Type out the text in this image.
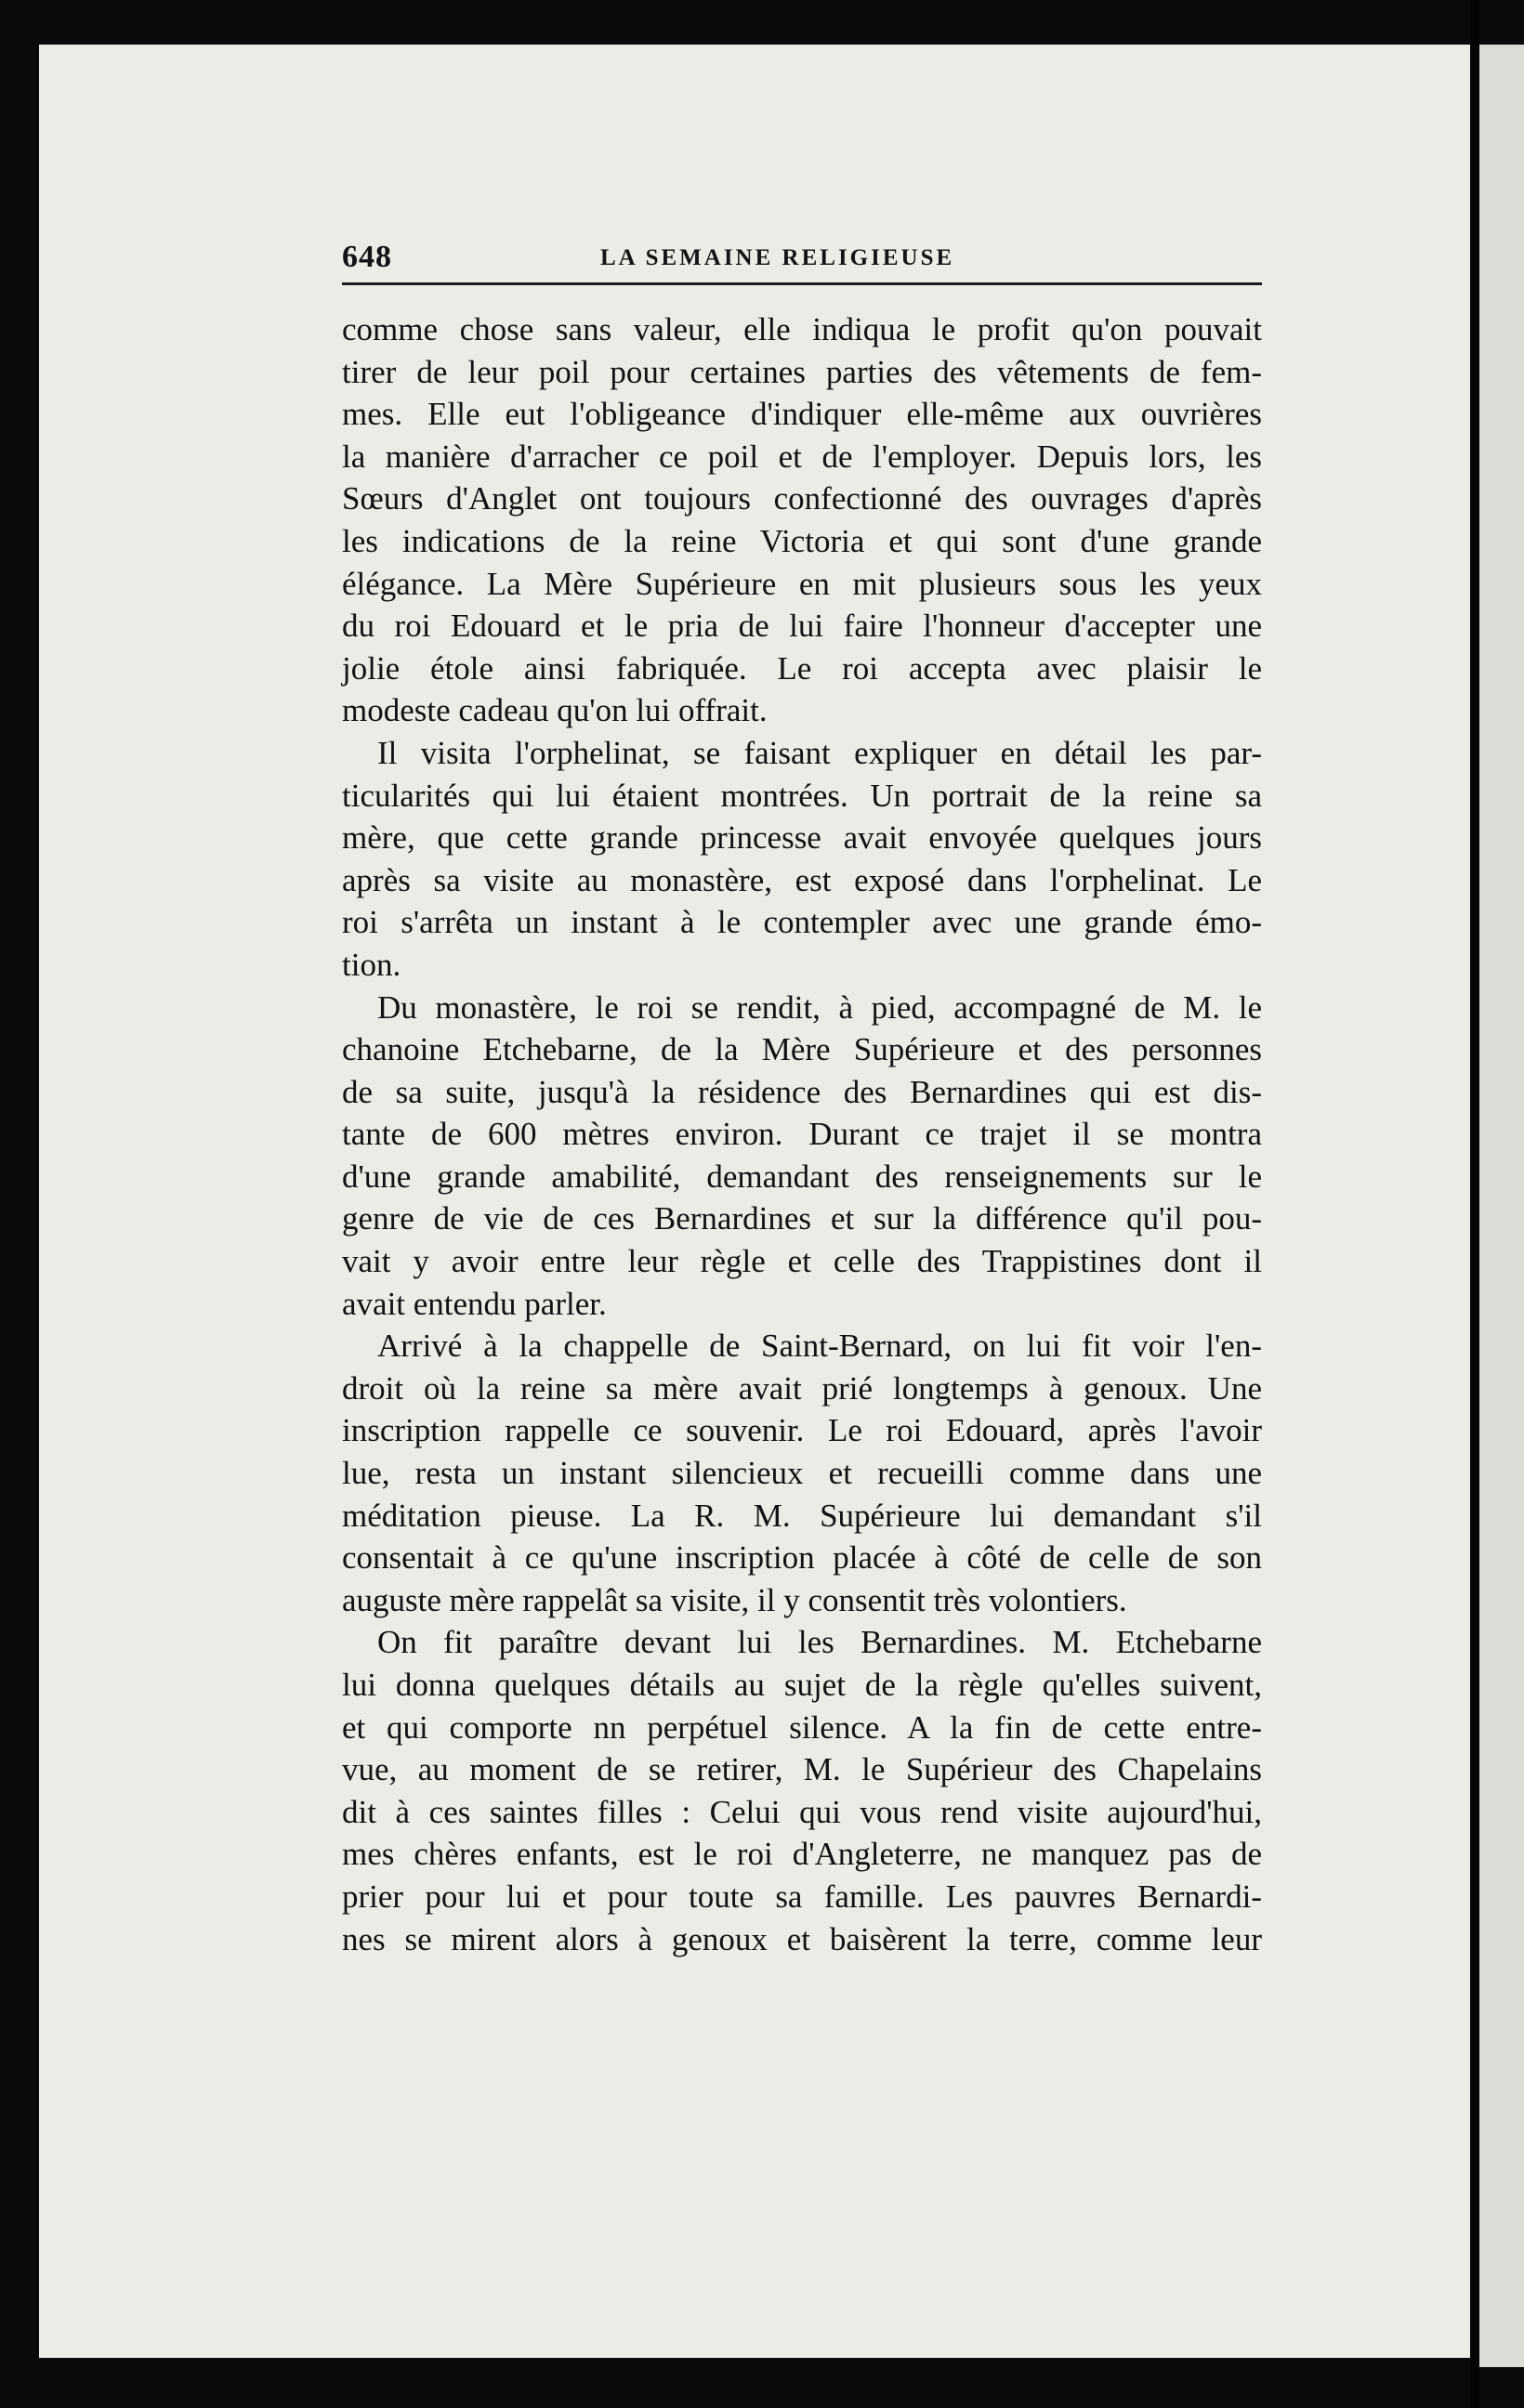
648	LA SEMAINE RELIGIEUSE
comme chose sans valeur, elle indiqua le profit qu'on pouvait
tirer de leur poil pour certaines parties des vêtements de fem-
mes. Elle eut l'obligeance d'indiquer elle-même aux ouvrières
la manière d'arracher ce poil et de l'employer. Depuis lors, les
Sœurs d'Anglet ont toujours confectionné des ouvrages d'après
les indications de la reine Victoria et qui sont d'une grande
élégance. La Mère Supérieure en mit plusieurs sous les yeux
du roi Edouard et le pria de lui faire l'honneur d'accepter une
jolie étole ainsi fabriquée. Le roi accepta avec plaisir le
modeste cadeau qu'on lui offrait.
Il visita l'orphelinat, se faisant expliquer en détail les par-
ticularités qui lui étaient montrées. Un portrait de la reine sa
mère, que cette grande princesse avait envoyée quelques jours
après sa visite au monastère, est exposé dans l'orphelinat. Le
roi s'arrêta un instant à le contempler avec une grande émo-
tion.
Du monastère, le roi se rendit, à pied, accompagné de M. le
chanoine Etchebarne, de la Mère Supérieure et des personnes
de sa suite, jusqu'à la résidence des Bernardines qui est dis-
tante de 600 mètres environ. Durant ce trajet il se montra
d'une grande amabilité, demandant des renseignements sur le
genre de vie de ces Bernardines et sur la différence qu'il pou-
vait y avoir entre leur règle et celle des Trappistines dont il
avait entendu parler.
Arrivé à la chappelle de Saint-Bernard, on lui fit voir l'en-
droit où la reine sa mère avait prié longtemps à genoux. Une
inscription rappelle ce souvenir. Le roi Edouard, après l'avoir
lue, resta un instant silencieux et recueilli comme dans une
méditation pieuse. La R. M. Supérieure lui demandant s'il
consentait à ce qu'une inscription placée à côté de celle de son
auguste mère rappelât sa visite, il y consentit très volontiers.
On fit paraître devant lui les Bernardines. M. Etchebarne
lui donna quelques détails au sujet de la règle qu'elles suivent,
et qui comporte nn perpétuel silence. A la fin de cette entre-
vue, au moment de se retirer, M. le Supérieur des Chapelains
dit à ces saintes filles : Celui qui vous rend visite aujourd'hui,
mes chères enfants, est le roi d'Angleterre, ne manquez pas de
prier pour lui et pour toute sa famille. Les pauvres Bernardi-
nes se mirent alors à genoux et baisèrent la terre, comme leur
